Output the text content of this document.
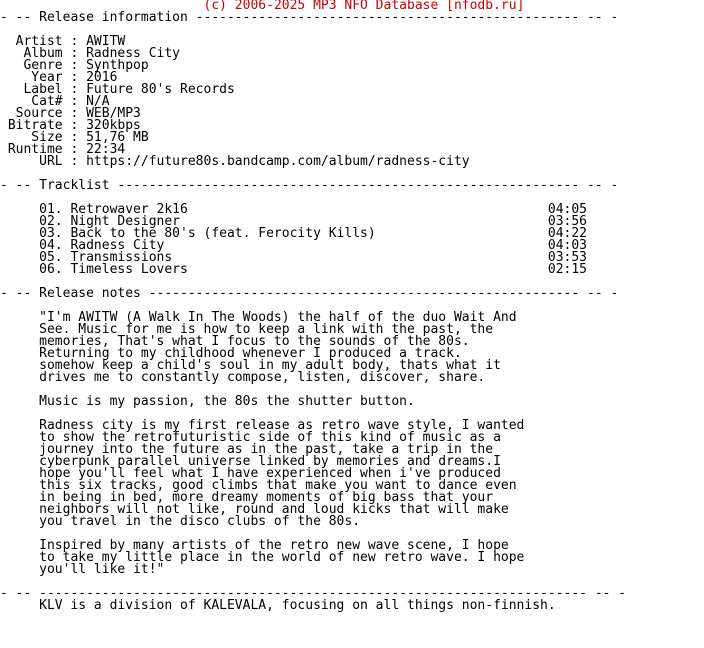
(c) 2006-2025 MP3 NFO Database [nfodb.ru]
- -- Release information ------------------------------------------------- -- -

Artist : AWITW
Album : Radness City
Genre : Synthpop
Year : 2016
Label : Future 80's Records
Cat# : N/A
Source : WEB/MP3
Bitrate : 320kbps
Size : 51,76 MB
Runtime : 22:34
URL : https://future80s.bandcamp.com/album/radness-city

- -- Tracklist ----------------------------------------------------------- -- -

01. Retrowaver 2k16                                              04:05
02. Night Designer                                               03:56
03. Back to the 80's (feat. Ferocity Kills)                      04:22
04. Radness City                                                 04:03
05. Transmissions                                                03:53
06. Timeless Lovers                                              02:15

- -- Release notes ------------------------------------------------------- -- -

"I'm AWITW (A Walk In The Woods) the half of the duo Wait And
See. Music for me is how to keep a link with the past, the
memories, That's what I focus to the sounds of the 80s.
Returning to my childhood whenever I produced a track.
somehow keep a child's soul in my adult body, thats what it
drives me to constantly compose, listen, discover, share.

Music is my passion, the 80s the shutter button.

Radness city is my first release as retro wave style, I wanted
to show the retrofuturistic side of this kind of music as a
journey into the future as in the past, take a trip in the
cyberpunk parallel universe linked by memories and dreams.I
hope you'll feel what I have experienced when i've produced
this six tracks, good climbs that make you want to dance even
in being in bed, more dreamy moments of big bass that your
neighbors will not like, round and loud kicks that will make
you travel in the disco clubs of the 80s.

Inspired by many artists of the retro new wave scene, I hope
to take my little place in the world of new retro wave. I hope
you'll like it!"

- -- ---------------------------------------------------------------------- -- -
KLV is a division of KALEVALA, focusing on all things non-finnish.
